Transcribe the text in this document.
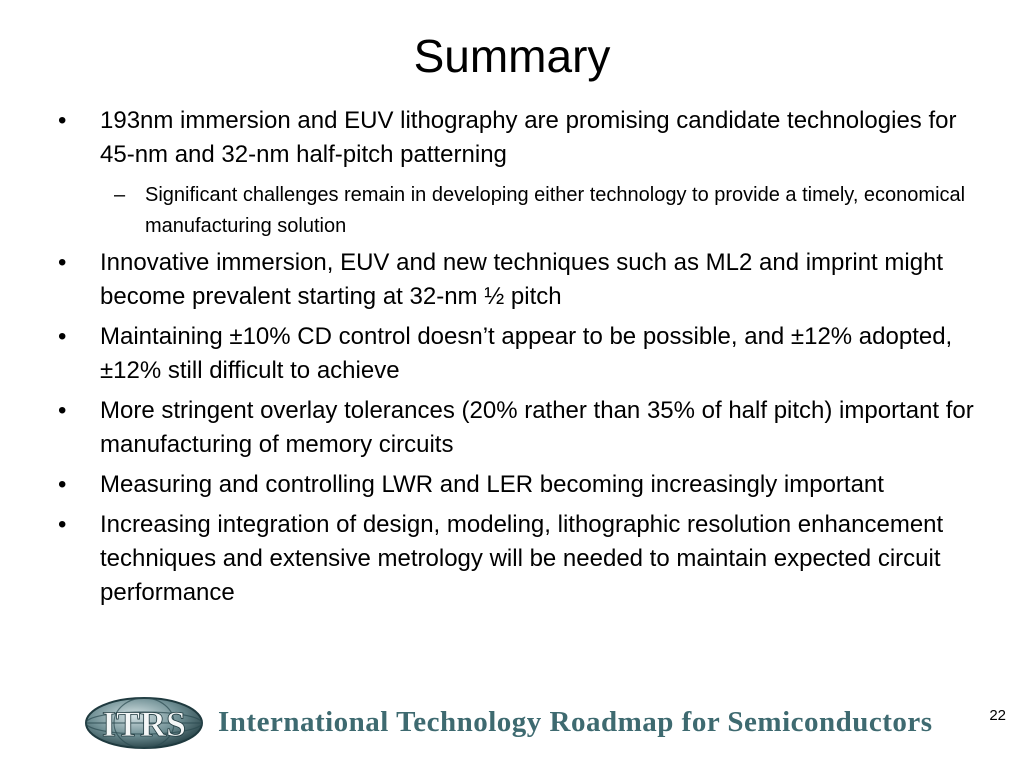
Summary
• 193nm immersion and EUV lithography are promising candidate technologies for 45-nm and 32-nm half-pitch patterning
– Significant challenges remain in developing either technology to provide a timely, economical manufacturing solution
• Innovative immersion, EUV and new techniques such as ML2 and imprint might become prevalent starting at 32-nm ½ pitch
• Maintaining ±10% CD control doesn’t appear to be possible, and ±12% adopted, ±12% still difficult to achieve
• More stringent overlay tolerances (20% rather than 35% of half pitch) important for manufacturing of memory circuits
• Measuring and controlling LWR and LER becoming increasingly important
• Increasing integration of design, modeling, lithographic resolution enhancement techniques and extensive metrology will be needed to maintain expected circuit performance
ITRS International Technology Roadmap for Semiconductors	22
